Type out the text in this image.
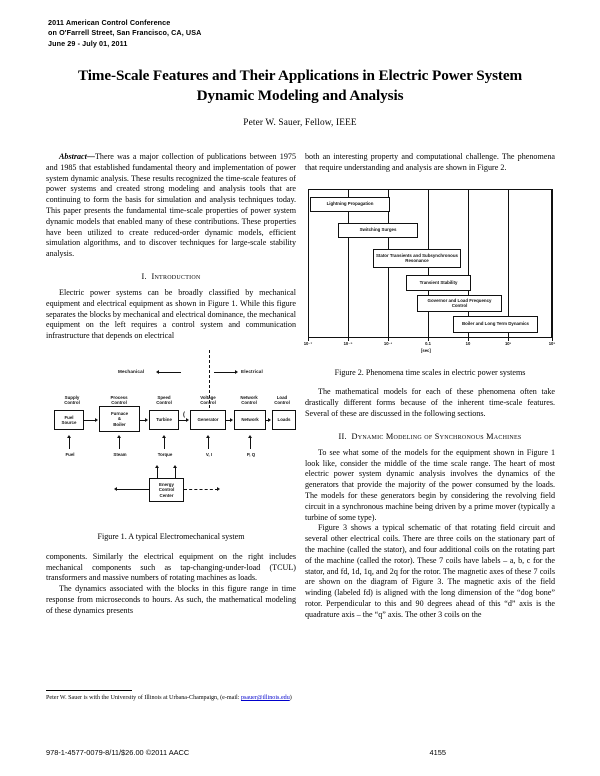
2011 American Control Conference
on O'Farrell Street, San Francisco, CA, USA
June 29 - July 01, 2011
Time-Scale Features and Their Applications in Electric Power System Dynamic Modeling and Analysis
Peter W. Sauer, Fellow, IEEE

Abstract—There was a major collection of publications between 1975 and 1985 that established fundamental theory and implementation of power system dynamic analysis. These results recognized the time-scale features of power systems and created strong modeling and analysis tools that are continuing to form the basis for simulation and analysis techniques today. This paper presents the fundamental time-scale properties of power system dynamic models that enabled many of these contributions. These properties have been utilized to create reduced-order dynamic models, efficient simulation algorithms, and to discover techniques for large-scale stability analysis.

I. Introduction

Electric power systems can be broadly classified by mechanical equipment and electrical equipment as shown in Figure 1. While this figure separates the blocks by mechanical and electrical dominance, the mechanical equipment on the left requires a control system and communication infrastructure that depends on electrical

Mechanical	Electrical
Supply
Control
Process
Control
Speed
Control
Voltage
Control
Network
Control
Load
Control
Fuel
Source
Furnace
&
Boiler
Turbine	Generator	Network	Loads
(
Fuel	Steam	Torque	V, I	P, Q
Energy
Control
Center
Figure 1. A typical Electromechanical system

components. Similarly the electrical equipment on the right includes mechanical components such as tap-changing-under-load (TCUL) transformers and massive numbers of rotating machines as loads.

The dynamics associated with the blocks in this figure range in time response from microseconds to hours. As such, the mathematical modeling of these dynamics presents

both an interesting property and computational challenge. The phenomena that require understanding and analysis are shown in Figure 2.

Lightning Propagation
Switching Surges
Stator Transients and Subsynchronous Resonance
Transient Stability
Governor and Load Frequency Control
Boiler and Long Term Dynamics
10⁻⁷	10⁻⁵	10⁻³	0.1	10	10³	10⁵
[sec]
Figure 2. Phenomena time scales in electric power systems

The mathematical models for each of these phenomena often take drastically different forms because of the inherent time-scale features. Several of these are discussed in the following sections.

II. Dynamic Modeling of Synchronous Machines

To see what some of the models for the equipment shown in Figure 1 look like, consider the middle of the time scale range. The heart of most electric power system dynamic analysis involves the dynamics of the generators that provide the majority of the power consumed by the loads. The models for these generators begin by considering the revolving field circuit in a synchronous machine being driven by a prime mover (typically a turbine of some type).

Figure 3 shows a typical schematic of that rotating field circuit and several other electrical coils. There are three coils on the stationary part of the machine (called the stator), and four additional coils on the rotating part of the machine (called the rotor). These 7 coils have labels – a, b, c for the stator, and fd, 1d, 1q, and 2q for the rotor. The magnetic axes of these 7 coils are shown on the diagram of Figure 3. The magnetic axis of the field winding (labeled fd) is aligned with the long dimension of the “dog bone” rotor. Perpendicular to this and 90 degrees ahead of this “d” axis is the quadrature axis – the “q” axis. The other 3 coils on the

Peter W. Sauer is with the University of Illinois at Urbana-Champaign, (e-mail: psauer@illinois.edu)
978-1-4577-0079-8/11/$26.00 ©2011 AACC	4155
